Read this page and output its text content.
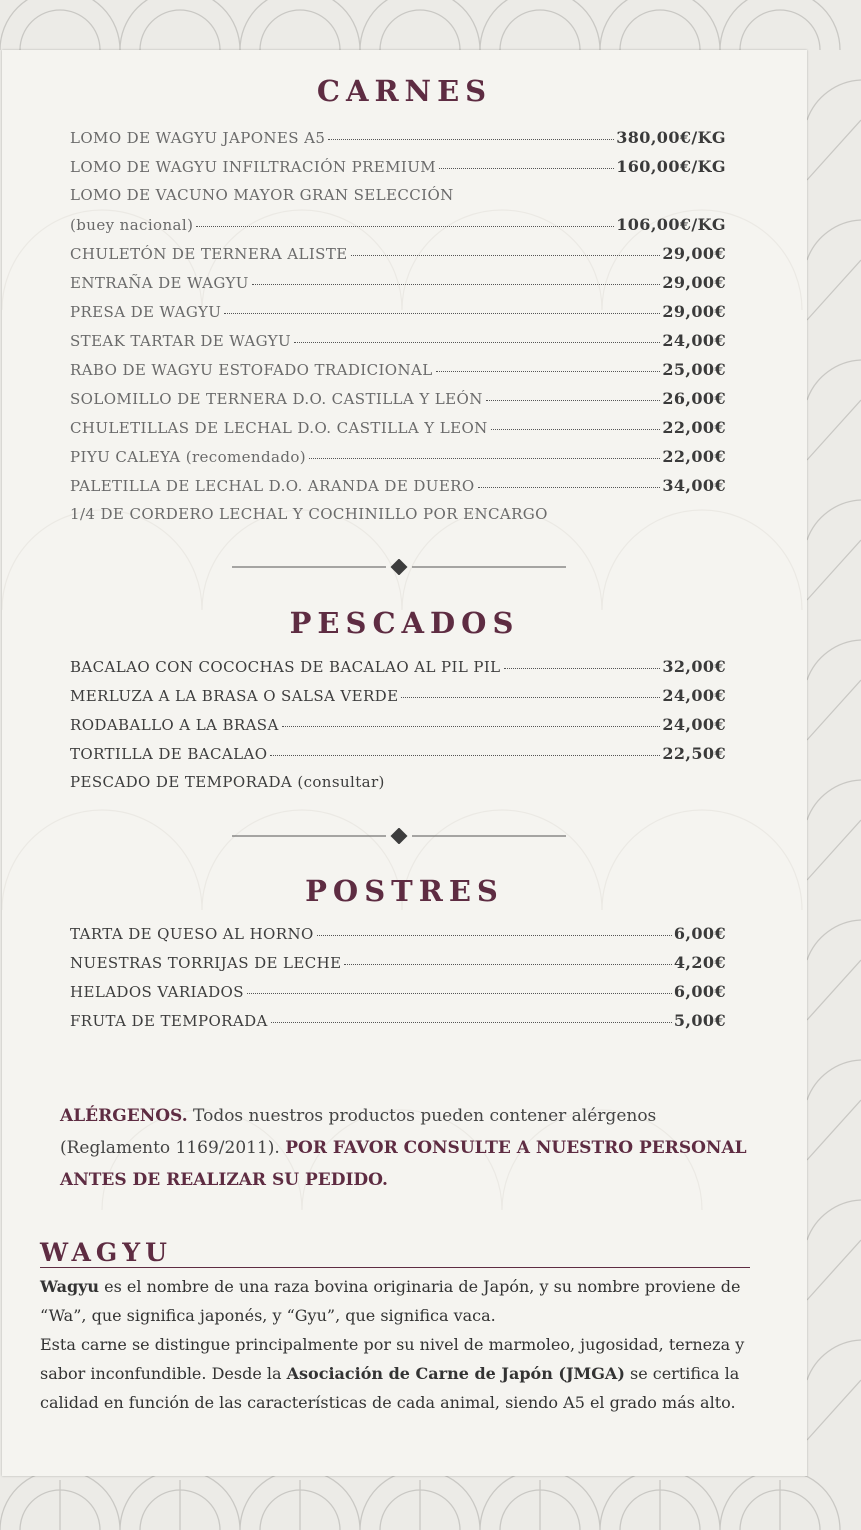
CARNES
LOMO DE WAGYU JAPONES A5	380,00€/KG
LOMO DE WAGYU INFILTRACIÓN PREMIUM	160,00€/KG
LOMO DE VACUNO MAYOR GRAN SELECCIÓN
(buey nacional)	106,00€/KG
CHULETÓN DE TERNERA ALISTE	29,00€
ENTRAÑA DE WAGYU	29,00€
PRESA DE WAGYU	29,00€
STEAK TARTAR DE WAGYU	24,00€
RABO DE WAGYU ESTOFADO TRADICIONAL	25,00€
SOLOMILLO DE TERNERA D.O. CASTILLA Y LEÓN	26,00€
CHULETILLAS DE LECHAL D.O. CASTILLA Y LEON	22,00€
PIYU CALEYA (recomendado)	22,00€
PALETILLA DE LECHAL D.O. ARANDA DE DUERO	34,00€
1/4 DE CORDERO LECHAL Y COCHINILLO POR ENCARGO
PESCADOS
BACALAO CON COCOCHAS DE BACALAO AL PIL PIL	32,00€
MERLUZA A LA BRASA O SALSA VERDE	24,00€
RODABALLO A LA BRASA	24,00€
TORTILLA DE BACALAO	22,50€
PESCADO DE TEMPORADA (consultar)
POSTRES
TARTA DE QUESO AL HORNO	6,00€
NUESTRAS TORRIJAS DE LECHE	4,20€
HELADOS VARIADOS	6,00€
FRUTA DE TEMPORADA	5,00€
ALÉRGENOS. Todos nuestros productos pueden contener alérgenos (Reglamento 1169/2011). POR FAVOR CONSULTE A NUESTRO PERSONAL ANTES DE REALIZAR SU PEDIDO.
WAGYU
Wagyu es el nombre de una raza bovina originaria de Japón, y su nombre proviene de “Wa”, que significa japonés, y “Gyu”, que significa vaca.
Esta carne se distingue principalmente por su nivel de marmoleo, jugosidad, terneza y sabor inconfundible. Desde la Asociación de Carne de Japón (JMGA) se certifica la calidad en función de las características de cada animal, siendo A5 el grado más alto.
